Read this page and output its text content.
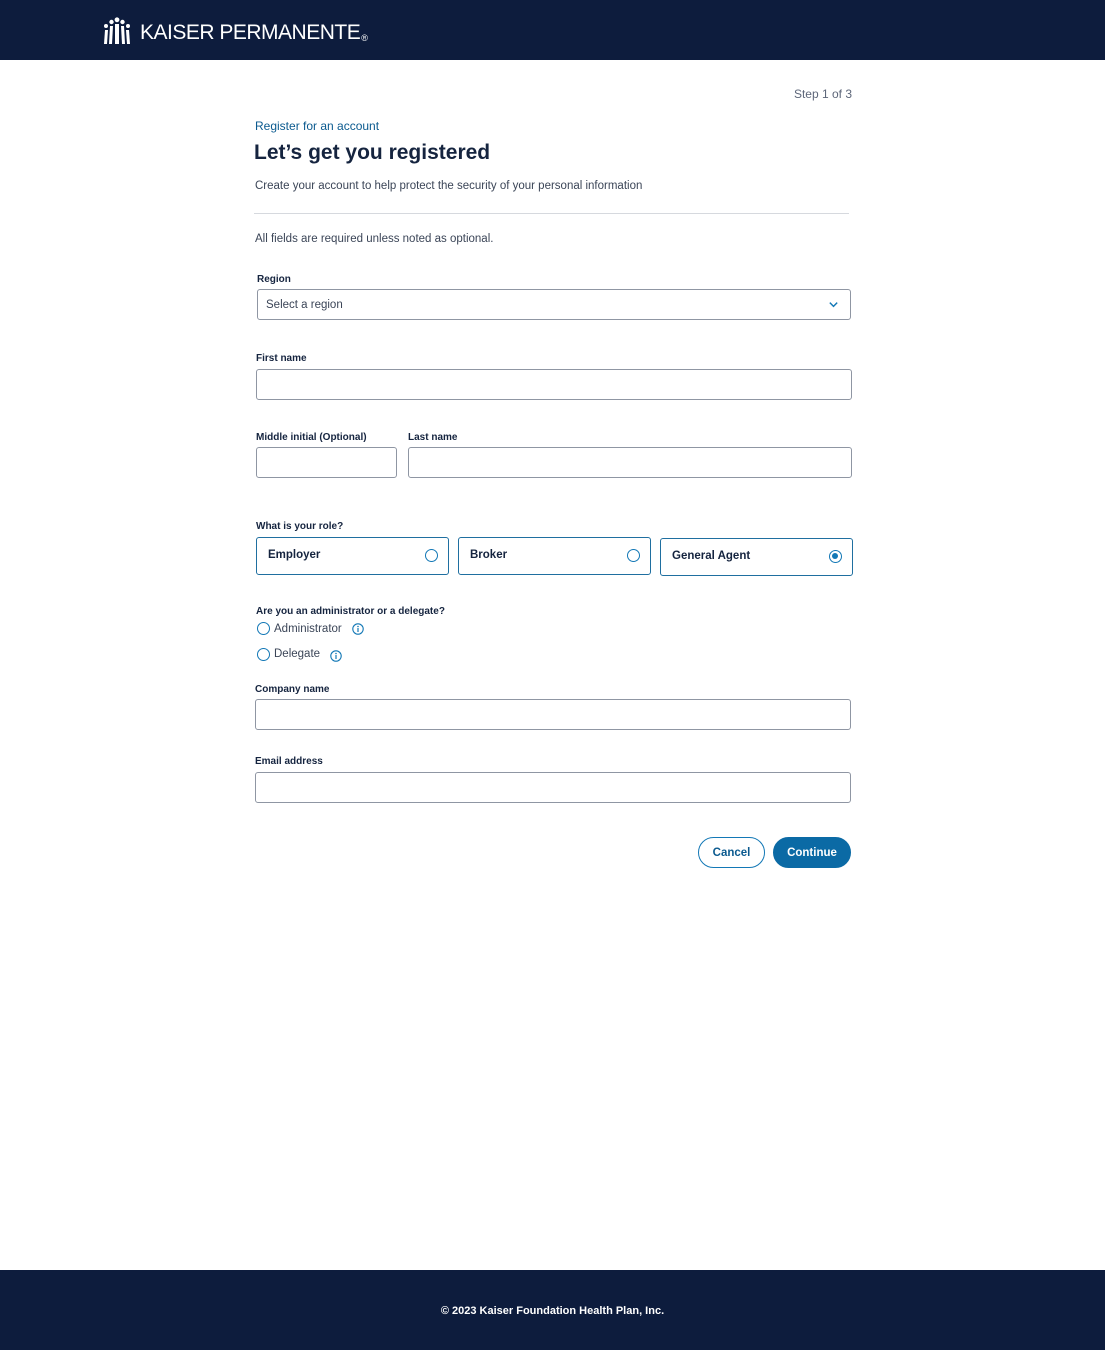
KAISER PERMANENTE ®
Step 1 of 3
Register for an account
Let’s get you registered

Create your account to help protect the security of your personal information

All fields are required unless noted as optional.

Region
Select a region
First name
Middle initial (Optional)	Last name
What is your role?
Employer	Broker	General Agent
Are you an administrator or a delegate?
Administrator
Delegate
Company name
Email address
Cancel	Continue
© 2023 Kaiser Foundation Health Plan, Inc.
